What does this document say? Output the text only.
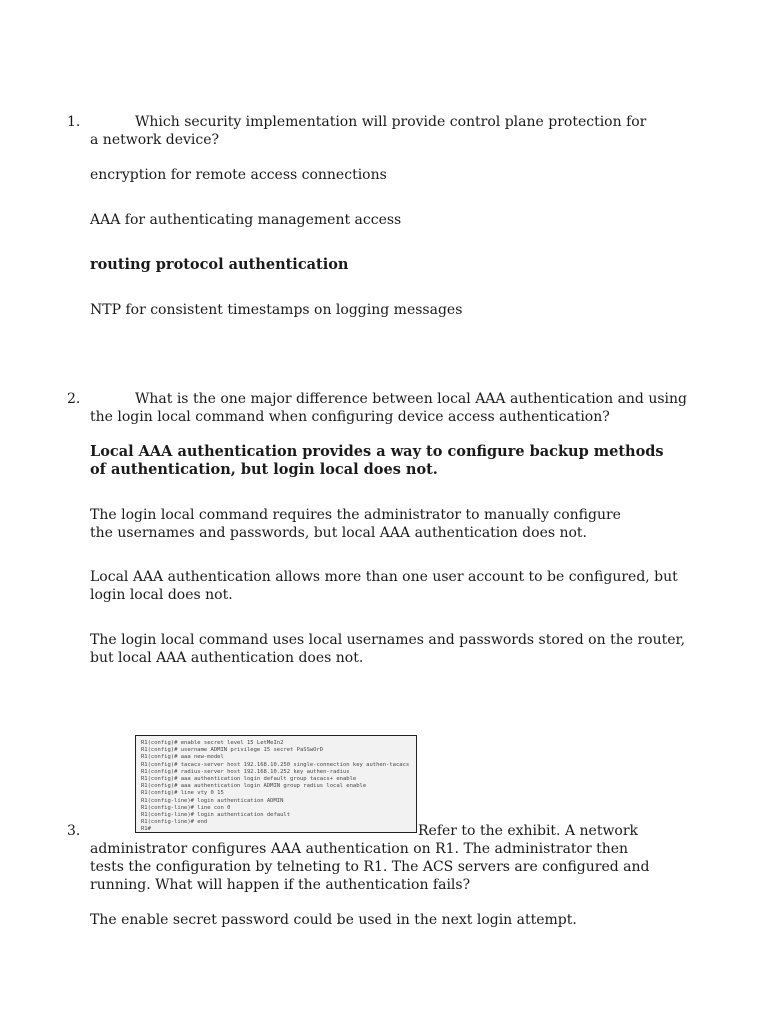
1.	Which security implementation will provide control plane protection for a network device?
encryption for remote access connections
AAA for authenticating management access
routing protocol authentication
NTP for consistent timestamps on logging messages
2.	What is the one major difference between local AAA authentication and using the login local command when configuring device access authentication?
Local AAA authentication provides a way to configure backup methods of authentication, but login local does not.
The login local command requires the administrator to manually configure the usernames and passwords, but local AAA authentication does not.
Local AAA authentication allows more than one user account to be configured, but login local does not.
The login local command uses local usernames and passwords stored on the router, but local AAA authentication does not.
R1(config)# enable secret level 15 LetMeIn2
R1(config)# username ADMIN privilege 15 secret PaSSwOrD
R1(config)# aaa new-model
R1(config)# tacacs-server host 192.168.10.250 single-connection key authen-tacacs
R1(config)# radius-server host 192.168.10.252 key authen-radius
R1(config)# aaa authentication login default group tacacs+ enable
R1(config)# aaa authentication login ADMIN group radius local enable
R1(config)# line vty 0 15
R1(config-line)# login authentication ADMIN
R1(config-line)# line con 0
R1(config-line)# login authentication default
R1(config-line)# end
R1#
3.	Refer to the exhibit. A network administrator configures AAA authentication on R1. The administrator then tests the configuration by telneting to R1. The ACS servers are configured and running. What will happen if the authentication fails?
The enable secret password could be used in the next login attempt.
